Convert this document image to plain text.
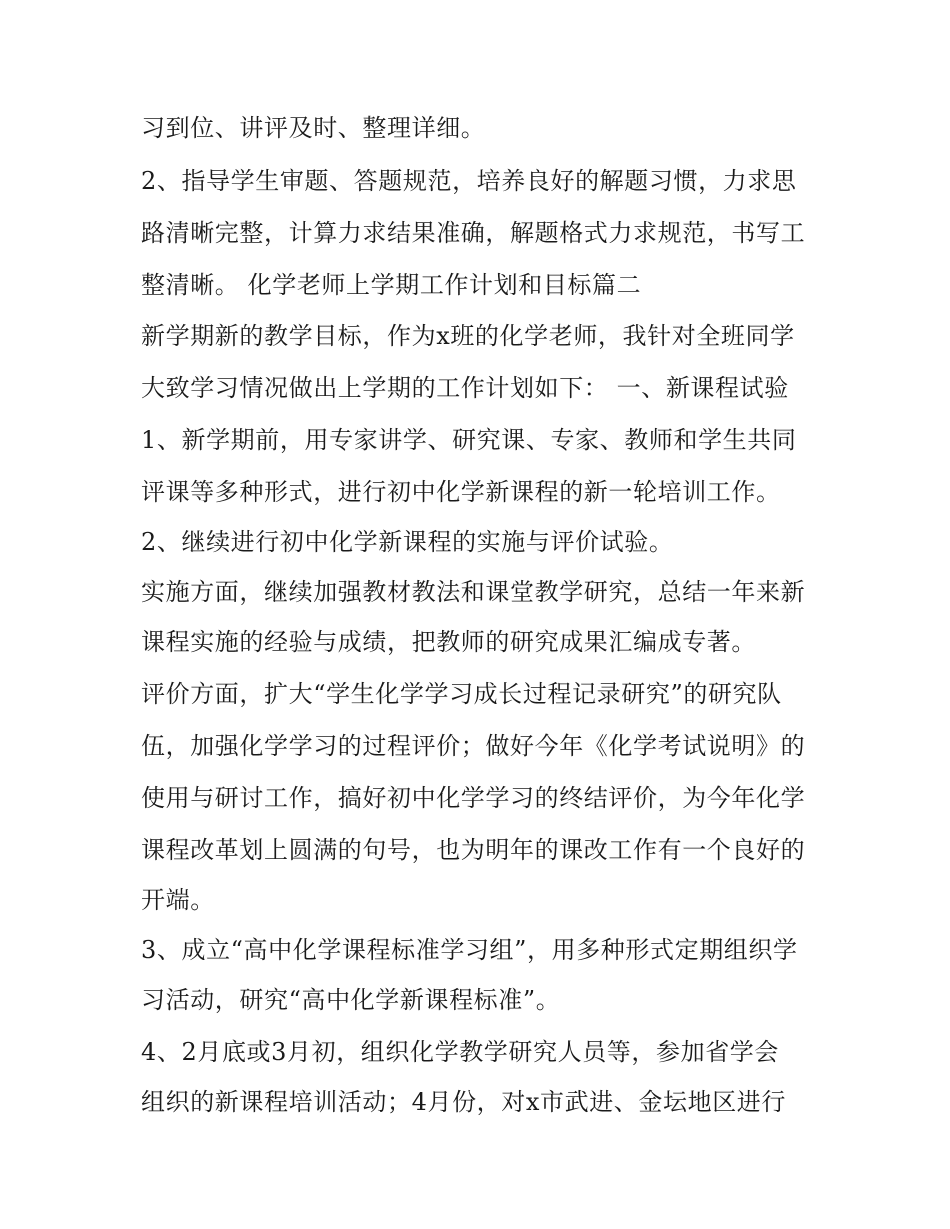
习到位、讲评及时、整理详细。
2、指导学生审题、答题规范，培养良好的解题习惯，力求思
路清晰完整，计算力求结果准确，解题格式力求规范，书写工
整清晰。 化学老师上学期工作计划和目标篇二
新学期新的教学目标，作为x班的化学老师，我针对全班同学
大致学习情况做出上学期的工作计划如下： 一、新课程试验
1、新学期前，用专家讲学、研究课、专家、教师和学生共同
评课等多种形式，进行初中化学新课程的新一轮培训工作。
2、继续进行初中化学新课程的实施与评价试验。
实施方面，继续加强教材教法和课堂教学研究，总结一年来新
课程实施的经验与成绩，把教师的研究成果汇编成专著。
评价方面，扩大“学生化学学习成长过程记录研究”的研究队
伍，加强化学学习的过程评价；做好今年《化学考试说明》的
使用与研讨工作，搞好初中化学学习的终结评价，为今年化学
课程改革划上圆满的句号，也为明年的课改工作有一个良好的
开端。
3、成立“高中化学课程标准学习组”，用多种形式定期组织学
习活动，研究“高中化学新课程标准”。
4、2月底或3月初，组织化学教学研究人员等，参加省学会
组织的新课程培训活动；4月份，对x市武进、金坛地区进行
